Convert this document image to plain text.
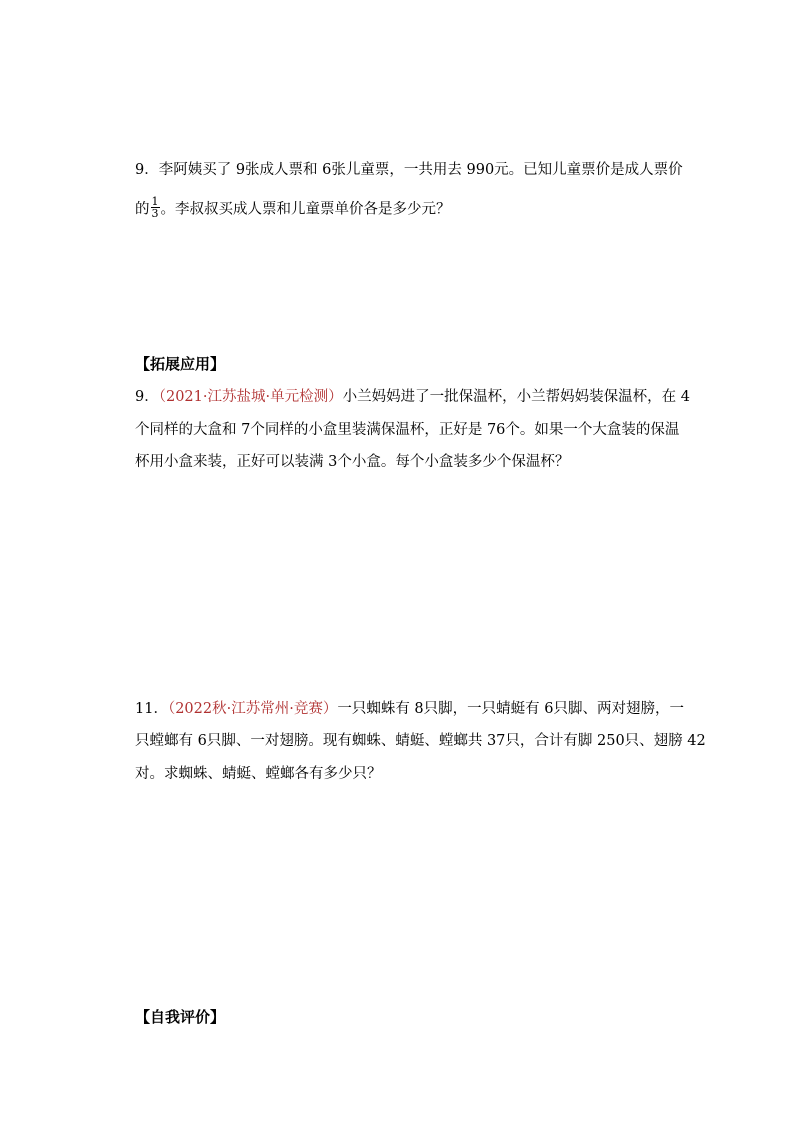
9．李阿姨买了 9张成人票和 6张儿童票，一共用去 990元。已知儿童票价是成人票价
的 $\frac{1}{3}$ 。李叔叔买成人票和儿童票单价各是多少元？
【拓展应用】
9．（2021·江苏盐城·单元检测）小兰妈妈进了一批保温杯，小兰帮妈妈装保温杯，在 4
个同样的大盒和 7个同样的小盒里装满保温杯，正好是 76个。如果一个大盒装的保温
杯用小盒来装，正好可以装满 3个小盒。每个小盒装多少个保温杯？
11．（2022秋·江苏常州·竞赛）一只蜘蛛有 8只脚，一只蜻蜓有 6只脚、两对翅膀，一
只螳螂有 6只脚、一对翅膀。现有蜘蛛、蜻蜓、螳螂共 37只，合计有脚 250只、翅膀 42
对。求蜘蛛、蜻蜓、螳螂各有多少只？
【自我评价】
